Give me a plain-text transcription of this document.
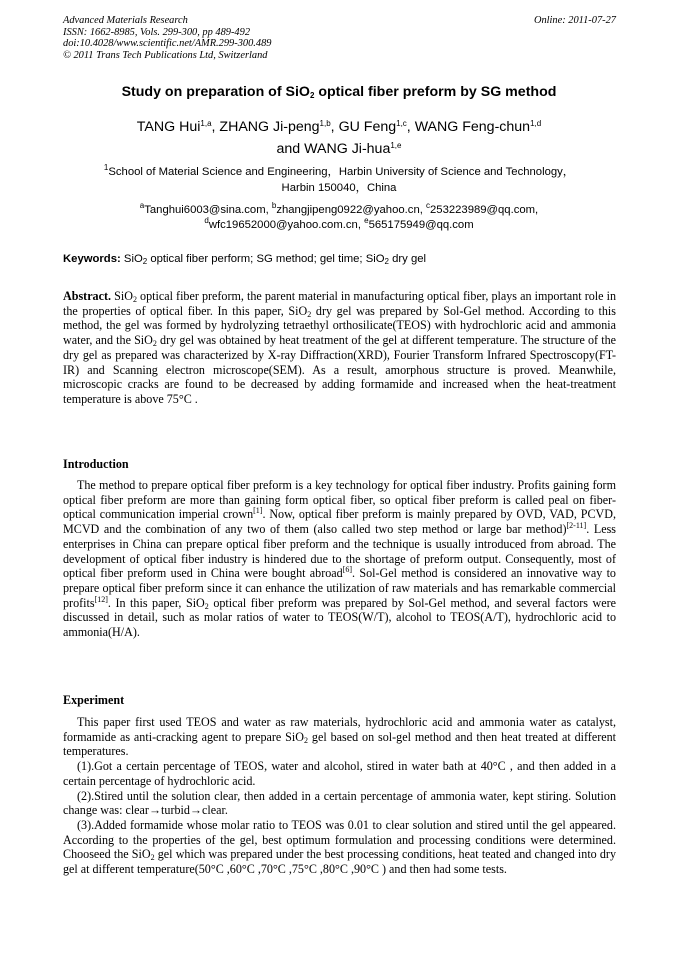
Advanced Materials Research
ISSN: 1662-8985, Vols. 299-300, pp 489-492
doi:10.4028/www.scientific.net/AMR.299-300.489
© 2011 Trans Tech Publications Ltd, Switzerland
Online: 2011-07-27
Study on preparation of SiO$_2$ optical fiber preform by SG method
TANG Hui$^{1,a}$, ZHANG Ji-peng$^{1,b}$, GU Feng$^{1,c}$, WANG Feng-chun$^{1,d}$
and WANG Ji-hua$^{1,e}$
$^1$School of Material Science and Engineering，Harbin University of Science and Technology，
Harbin 150040，China
$^a$Tanghui6003@sina.com, $^b$zhangjipeng0922@yahoo.cn, $^c$253223989@qq.com,
$^d$wfc19652000@yahoo.com.cn, $^e$565175949@qq.com
Keywords: SiO$_2$ optical fiber perform; SG method; gel time; SiO$_2$ dry gel
Abstract. SiO$_2$ optical fiber preform, the parent material in manufacturing optical fiber, plays an important role in the properties of optical fiber. In this paper, SiO$_2$ dry gel was prepared by Sol-Gel method. According to this method, the gel was formed by hydrolyzing tetraethyl orthosilicate(TEOS) with hydrochloric acid and ammonia water, and the SiO$_2$ dry gel was obtained by heat treatment of the gel at different temperature. The structure of the dry gel as prepared was characterized by X-ray Diffraction(XRD), Fourier Transform Infrared Spectroscopy(FT-IR) and Scanning electron microscope(SEM). As a result, amorphous structure is proved. Meanwhile, microscopic cracks are found to be decreased by adding formamide and increased when the heat-treatment temperature is above 75°C .
Introduction
The method to prepare optical fiber preform is a key technology for optical fiber industry. Profits gaining form optical fiber preform are more than gaining form optical fiber, so optical fiber preform is called peal on fiber-optical communication imperial crown[1]. Now, optical fiber preform is mainly prepared by OVD, VAD, PCVD, MCVD and the combination of any two of them (also called two step method or large bar method)[2-11]. Less enterprises in China can prepare optical fiber preform and the technique is usually introduced from abroad. The development of optical fiber industry is hindered due to the shortage of preform output. Consequently, most of optical fiber preform used in China were bought abroad[6]. Sol-Gel method is considered an innovative way to prepare optical fiber preform since it can enhance the utilization of raw materials and has remarkable commercial profits[12]. In this paper, SiO$_2$ optical fiber preform was prepared by Sol-Gel method, and several factors were discussed in detail, such as molar ratios of water to TEOS(W/T), alcohol to TEOS(A/T), hydrochloric acid to ammonia(H/A).
Experiment

This paper first used TEOS and water as raw materials, hydrochloric acid and ammonia water as catalyst, formamide as anti-cracking agent to prepare SiO$_2$ gel based on sol-gel method and then heat treated at different temperatures.

(1).Got a certain percentage of TEOS, water and alcohol, stired in water bath at 40°C , and then added in a certain percentage of hydrochloric acid.

(2).Stired until the solution clear, then added in a certain percentage of ammonia water, kept stiring. Solution change was: clear→turbid→clear.

(3).Added formamide whose molar ratio to TEOS was 0.01 to clear solution and stired until the gel appeared. According to the properties of the gel, best optimum formulation and processing conditions were determined. Chooseed the SiO$_2$ gel which was prepared under the best processing conditions, heat teated and changed into dry gel at different temperature(50°C ,60°C ,70°C ,75°C ,80°C ,90°C ) and then had some tests.
